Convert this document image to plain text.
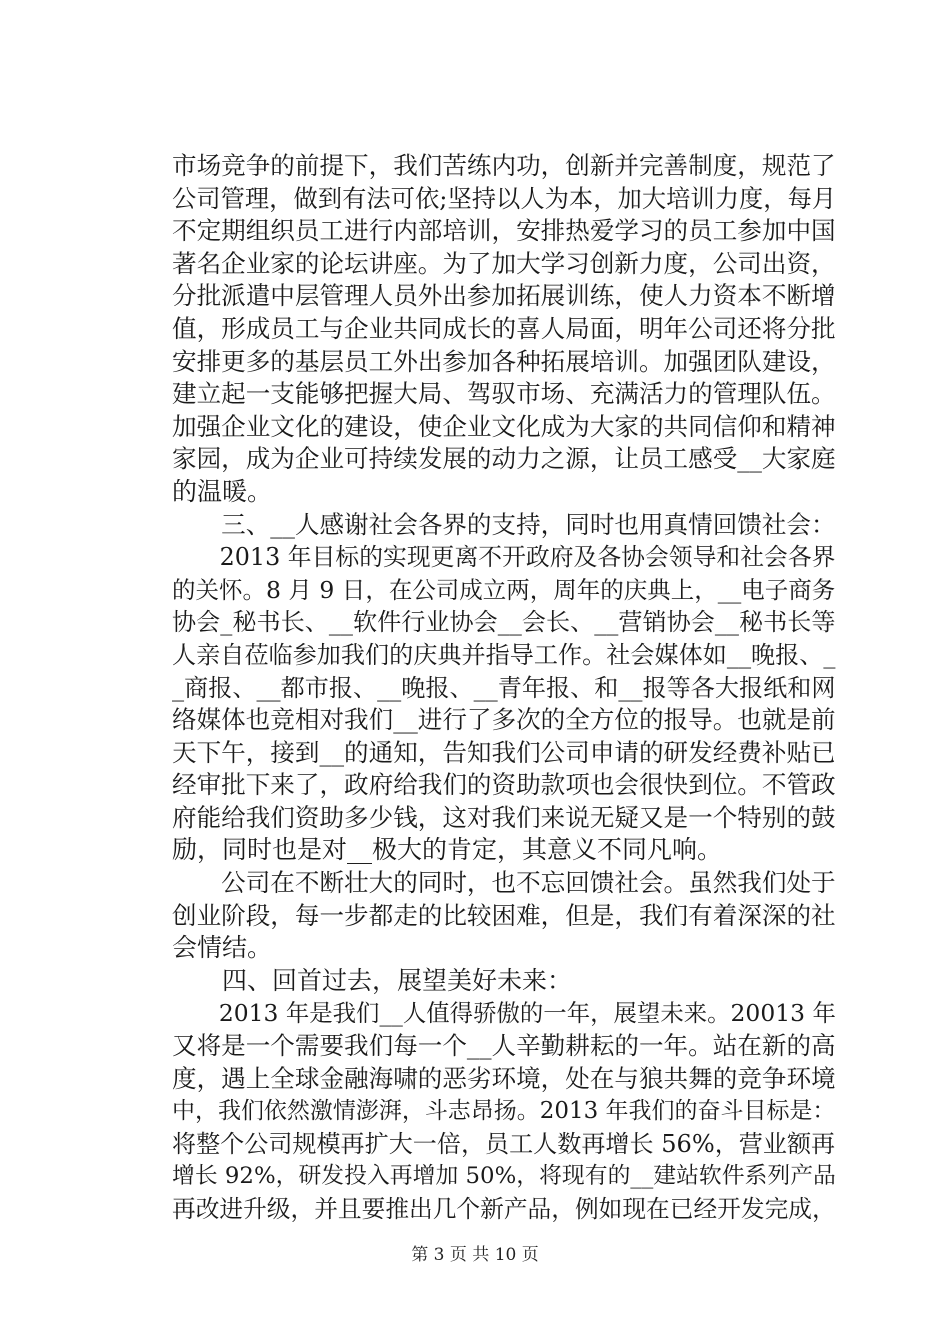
市场竞争的前提下，我们苦练内功，创新并完善制度，规范了
公司管理，做到有法可依;坚持以人为本，加大培训力度，每月
不定期组织员工进行内部培训，安排热爱学习的员工参加中国
著名企业家的论坛讲座。为了加大学习创新力度，公司出资，
分批派遣中层管理人员外出参加拓展训练，使人力资本不断增
值，形成员工与企业共同成长的喜人局面，明年公司还将分批
安排更多的基层员工外出参加各种拓展培训。加强团队建设，
建立起一支能够把握大局、驾驭市场、充满活力的管理队伍。
加强企业文化的建设，使企业文化成为大家的共同信仰和精神
家园，成为企业可持续发展的动力之源，让员工感受__大家庭
的温暖。
　　三、__人感谢社会各界的支持，同时也用真情回馈社会：
　　2013 年目标的实现更离不开政府及各协会领导和社会各界
的关怀。8 月 9 日，在公司成立两，周年的庆典上，__电子商务
协会_秘书长、__软件行业协会__会长、__营销协会__秘书长等
人亲自莅临参加我们的庆典并指导工作。社会媒体如__晚报、_
_商报、__都市报、__晚报、__青年报、和__报等各大报纸和网
络媒体也竞相对我们__进行了多次的全方位的报导。也就是前
天下午，接到__的通知，告知我们公司申请的研发经费补贴已
经审批下来了，政府给我们的资助款项也会很快到位。不管政
府能给我们资助多少钱，这对我们来说无疑又是一个特别的鼓
励，同时也是对__极大的肯定，其意义不同凡响。
　　公司在不断壮大的同时，也不忘回馈社会。虽然我们处于
创业阶段，每一步都走的比较困难，但是，我们有着深深的社
会情结。
　　四、回首过去，展望美好未来：
　　2013 年是我们__人值得骄傲的一年，展望未来。20013 年
又将是一个需要我们每一个__人辛勤耕耘的一年。站在新的高
度，遇上全球金融海啸的恶劣环境，处在与狼共舞的竞争环境
中，我们依然激情澎湃，斗志昂扬。2013 年我们的奋斗目标是：
将整个公司规模再扩大一倍，员工人数再增长 56%，营业额再
增长 92%，研发投入再增加 50%，将现有的__建站软件系列产品
再改进升级，并且要推出几个新产品，例如现在已经开发完成，
第 3 页 共 10 页
